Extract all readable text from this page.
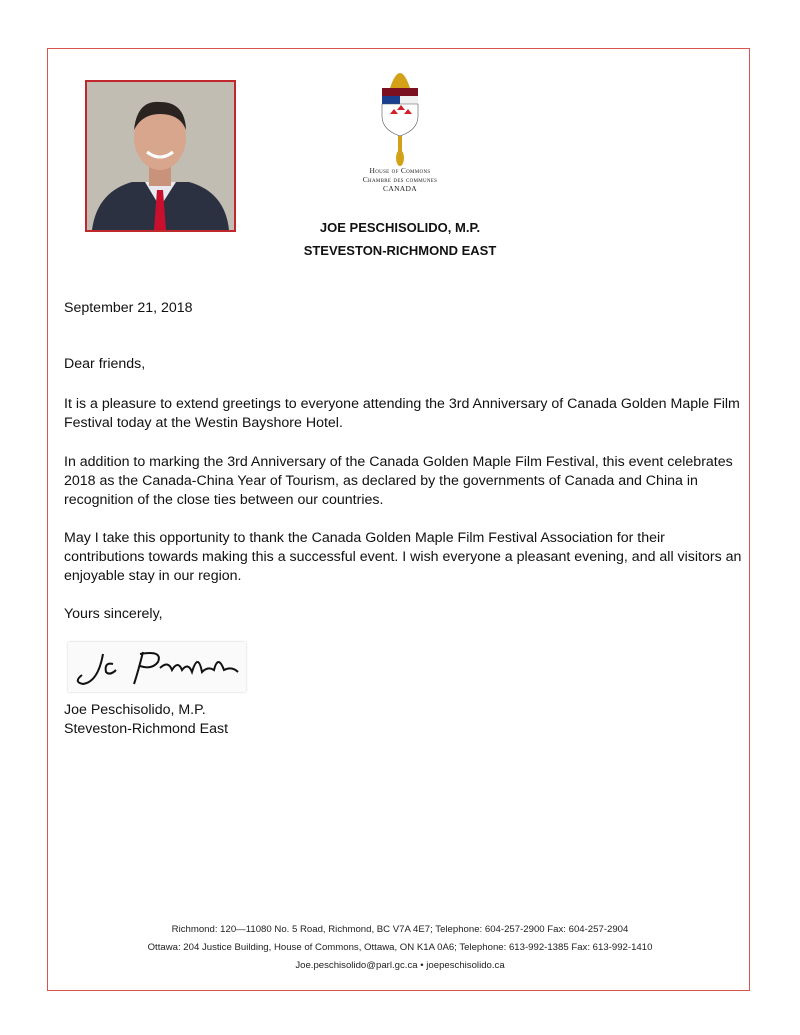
House of Commons
Chambre des communes
CANADA
JOE PESCHISOLIDO, M.P.
STEVESTON-RICHMOND EAST
September 21, 2018
Dear friends,
It is a pleasure to extend greetings to everyone attending the 3rd Anniversary of Canada Golden Maple Film Festival today at the Westin Bayshore Hotel.
In addition to marking the 3rd Anniversary of the Canada Golden Maple Film Festival, this event celebrates 2018 as the Canada-China Year of Tourism, as declared by the governments of Canada and China in recognition of the close ties between our countries.
May I take this opportunity to thank the Canada Golden Maple Film Festival Association for their contributions towards making this a successful event. I wish everyone a pleasant evening, and all visitors an enjoyable stay in our region.
Yours sincerely,
Joe Peschisolido, M.P.
Steveston-Richmond East
Richmond: 120—11080 No. 5 Road, Richmond, BC V7A 4E7; Telephone: 604-257-2900 Fax: 604-257-2904
Ottawa: 204 Justice Building, House of Commons, Ottawa, ON K1A 0A6; Telephone: 613-992-1385 Fax: 613-992-1410
Joe.peschisolido@parl.gc.ca • joepeschisolido.ca
